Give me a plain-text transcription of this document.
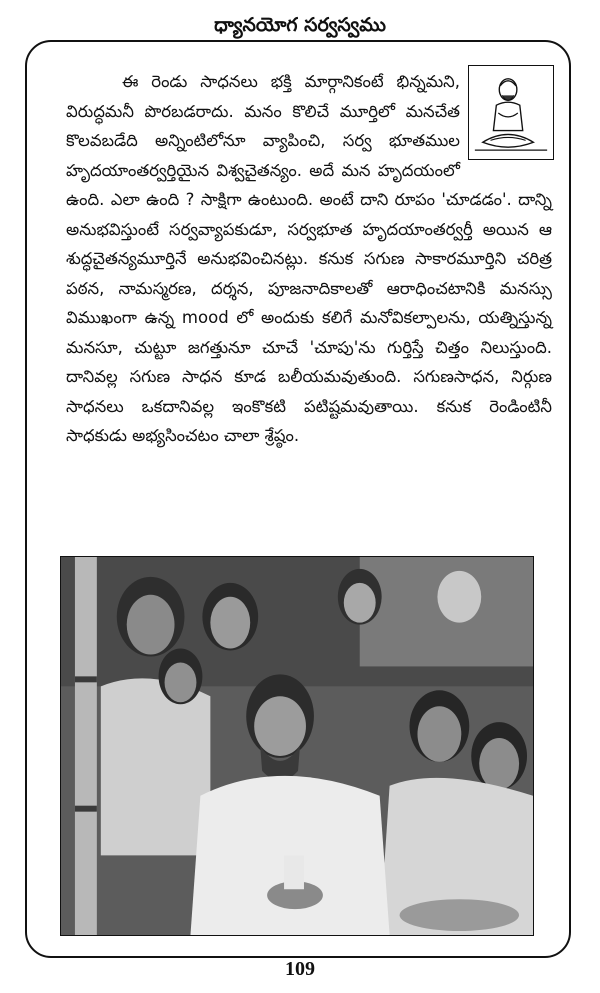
ధ్యానయోగ సర్వస్వము

ఈ రెండు సాధనలు భక్తి మార్గానికంటే భిన్నమని, విరుద్ధమనీ పొరబడరాదు. మనం కొలిచే మూర్తిలో మనచేత కొలవబడేది అన్నింటిలోనూ వ్యాపించి, సర్వ భూతముల హృదయాంతర్వర్తియైన విశ్వచైతన్యం. అదే మన హృదయంలో ఉంది. ఎలా ఉంది ? సాక్షిగా ఉంటుంది. అంటే దాని రూపం 'చూడడం'. దాన్ని అనుభవిస్తుంటే సర్వవ్యాపకుడూ, సర్వభూత హృదయాంతర్వర్తీ అయిన ఆ శుద్ధచైతన్యమూర్తినే అనుభవించినట్లు. కనుక సగుణ సాకారమూర్తిని చరిత్ర పఠన, నామస్మరణ, దర్శన, పూజనాదికాలతో ఆరాధించటానికి మనస్సు విముఖంగా ఉన్న mood లో అందుకు కలిగే మనోవికల్పాలను, యత్నిస్తున్న మనసూ, చుట్టూ జగత్తునూ చూచే 'చూపు'ను గుర్తిస్తే చిత్తం నిలుస్తుంది. దానివల్ల సగుణ సాధన కూడ బలీయమవుతుంది. సగుణసాధన, నిర్గుణ సాధనలు ఒకదానివల్ల ఇంకొకటి పటిష్టమవుతాయి. కనుక రెండింటినీ సాధకుడు అభ్యసించటం చాలా శ్రేష్ఠం.

109
